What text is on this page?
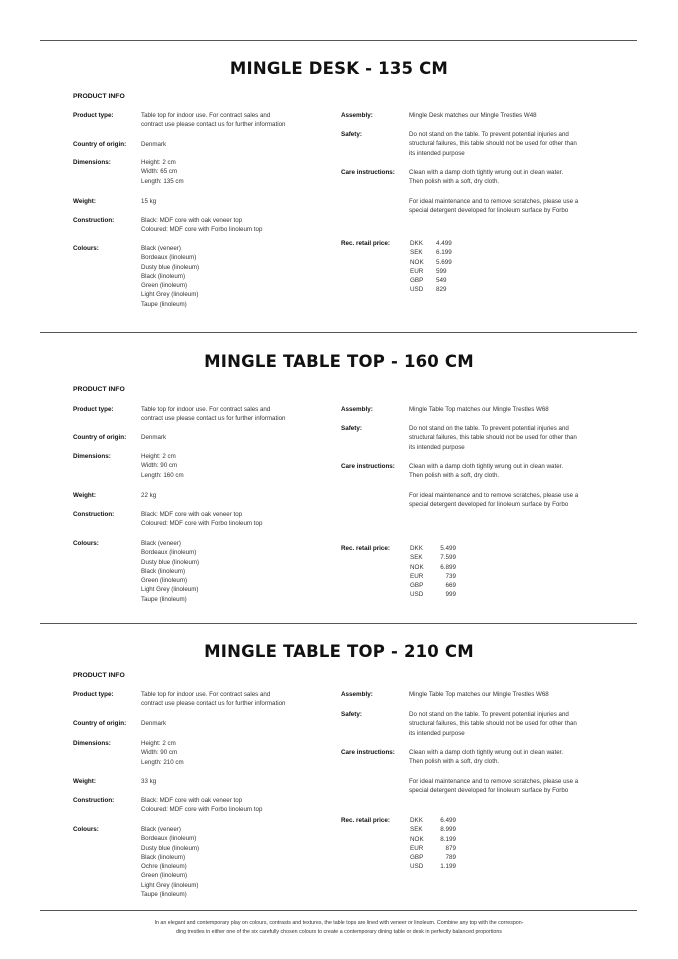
MINGLE DESK - 135 CM
PRODUCT INFO
Product type:	Table top for indoor use. For contract sales and
contract use please contact us for further information
Country of origin: Denmark
Dimensions:	Height: 2 cm
Width: 65 cm
Length: 135 cm
Weight:	15 kg
Construction:	Black: MDF core with oak veneer top
Coloured: MDF core with Forbo linoleum top
Colours:	Black (veneer)
Bordeaux (linoleum)
Dusty blue (linoleum)
Black (linoleum)
Green (linoleum)
Light Grey (linoleum)
Taupe (linoleum)
Assembly:	Mingle Desk matches our Mingle Trestles W48
Safety:	Do not stand on the table. To prevent potential injuries and
structural failures, this table should not be used for other than
its intended purpose
Care instructions: Clean with a damp cloth tightly wrung out in clean water.
Then polish with a soft, dry cloth.
For ideal maintenance and to remove scratches, please use a
special detergent developed for linoleum surface by Forbo
Rec. retail price:	DKK	4.499
SEK	6.199
NOK	5.699
EUR	599
GBP	549
USD	829
MINGLE TABLE TOP - 160 CM
PRODUCT INFO
Product type:	Table top for indoor use. For contract sales and
contract use please contact us for further information
Country of origin: Denmark
Dimensions:	Height: 2 cm
Width: 90 cm
Length: 160 cm
Weight:	22 kg
Construction:	Black: MDF core with oak veneer top
Coloured: MDF core with Forbo linoleum top
Colours:	Black (veneer)
Bordeaux (linoleum)
Dusty blue (linoleum)
Black (linoleum)
Green (linoleum)
Light Grey (linoleum)
Taupe (linoleum)
Assembly:	Mingle Table Top matches our Mingle Trestles W68
Safety:	Do not stand on the table. To prevent potential injuries and
structural failures, this table should not be used for other than
its intended purpose
Care instructions: Clean with a damp cloth tightly wrung out in clean water.
Then polish with a soft, dry cloth.
For ideal maintenance and to remove scratches, please use a
special detergent developed for linoleum surface by Forbo
Rec. retail price:	DKK	5.499
SEK	7.599
NOK	6.899
EUR	739
GBP	669
USD	999
MINGLE TABLE TOP - 210 CM
PRODUCT INFO
Product type:	Table top for indoor use. For contract sales and
contract use please contact us for further information
Country of origin: Denmark
Dimensions:	Height: 2 cm
Width: 90 cm
Length: 210 cm
Weight:	33 kg
Construction:	Black: MDF core with oak veneer top
Coloured: MDF core with Forbo linoleum top
Colours:	Black (veneer)
Bordeaux (linoleum)
Dusty blue (linoleum)
Black (linoleum)
Ochre (linoleum)
Green (linoleum)
Light Grey (linoleum)
Taupe (linoleum)
Assembly:	Mingle Table Top matches our Mingle Trestles W68
Safety:	Do not stand on the table. To prevent potential injuries and
structural failures, this table should not be used for other than
its intended purpose
Care instructions: Clean with a damp cloth tightly wrung out in clean water.
Then polish with a soft, dry cloth.
For ideal maintenance and to remove scratches, please use a
special detergent developed for linoleum surface by Forbo
Rec. retail price:	DKK	6.499
SEK	8.999
NOK	8.199
EUR	879
GBP	789
USD	1.199
In an elegant and contemporary play on colours, contrasts and textures, the table tops are lined with veneer or linoleum. Combine any top with the correspon-
ding trestles in either one of the six carefully chosen colours to create a contemporary dining table or desk in perfectly balanced proportions
